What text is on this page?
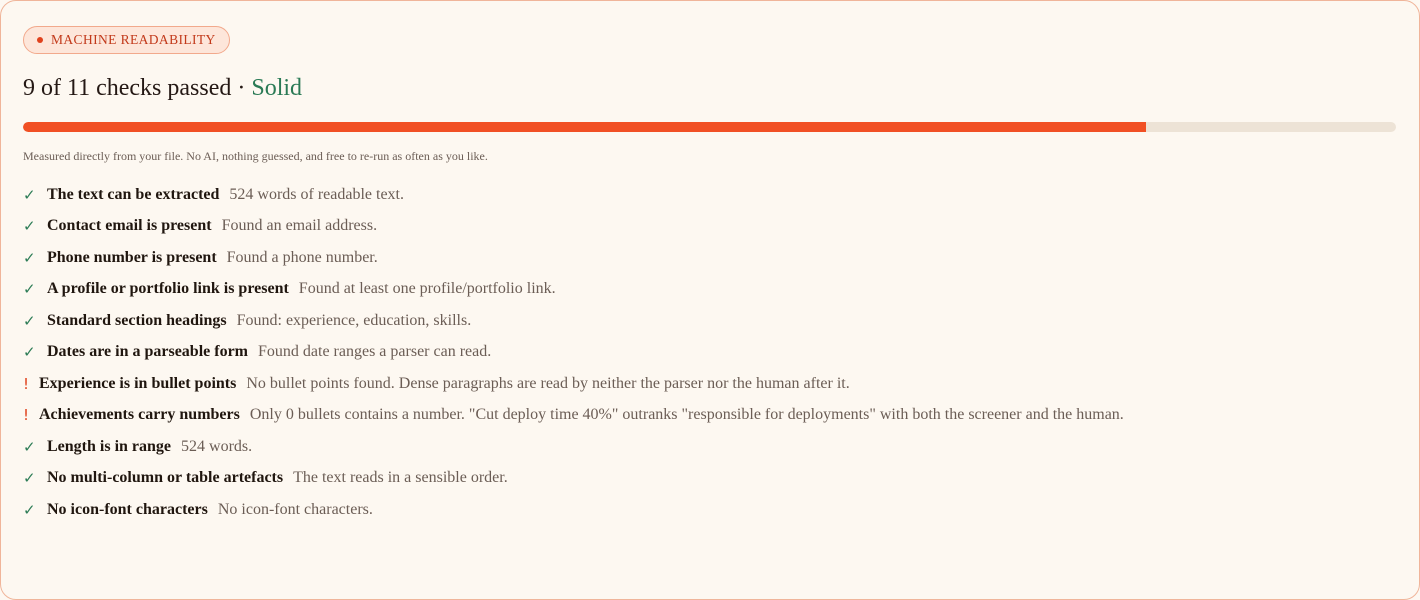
MACHINE READABILITY
9 of 11 checks passed · Solid
Measured directly from your file. No AI, nothing guessed, and free to re-run as often as you like.
✓ The text can be extracted 524 words of readable text.
✓ Contact email is present Found an email address.
✓ Phone number is present Found a phone number.
✓ A profile or portfolio link is present Found at least one profile/portfolio link.
✓ Standard section headings Found: experience, education, skills.
✓ Dates are in a parseable form Found date ranges a parser can read.
! Experience is in bullet points No bullet points found. Dense paragraphs are read by neither the parser nor the human after it.
! Achievements carry numbers Only 0 bullets contains a number. "Cut deploy time 40%" outranks "responsible for deployments" with both the screener and the human.
✓ Length is in range 524 words.
✓ No multi-column or table artefacts The text reads in a sensible order.
✓ No icon-font characters No icon-font characters.
